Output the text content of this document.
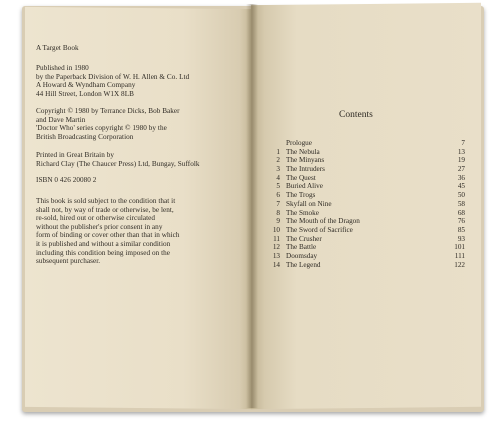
A Target Book
Published in 1980
by the Paperback Division of W. H. Allen & Co. Ltd
A Howard & Wyndham Company
44 Hill Street, London W1X 8LB
Copyright © 1980 by Terrance Dicks, Bob Baker
and Dave Martin
'Doctor Who' series copyright © 1980 by the
British Broadcasting Corporation
Printed in Great Britain by
Richard Clay (The Chaucer Press) Ltd, Bungay, Suffolk
ISBN 0 426 20080 2
This book is sold subject to the condition that it
shall not, by way of trade or otherwise, be lent,
re-sold, hired out or otherwise circulated
without the publisher's prior consent in any
form of binding or cover other than that in which
it is published and without a similar condition
including this condition being imposed on the
subsequent purchaser.
Contents
Prologue	7
1 The Nebula	13
2 The Minyans	19
3 The Intruders	27
4 The Quest	36
5 Buried Alive	45
6 The Trogs	50
7 Skyfall on Nine	58
8 The Smoke	68
9 The Mouth of the Dragon	76
10 The Sword of Sacrifice	85
11 The Crusher	93
12 The Battle	101
13 Doomsday	111
14 The Legend	122
